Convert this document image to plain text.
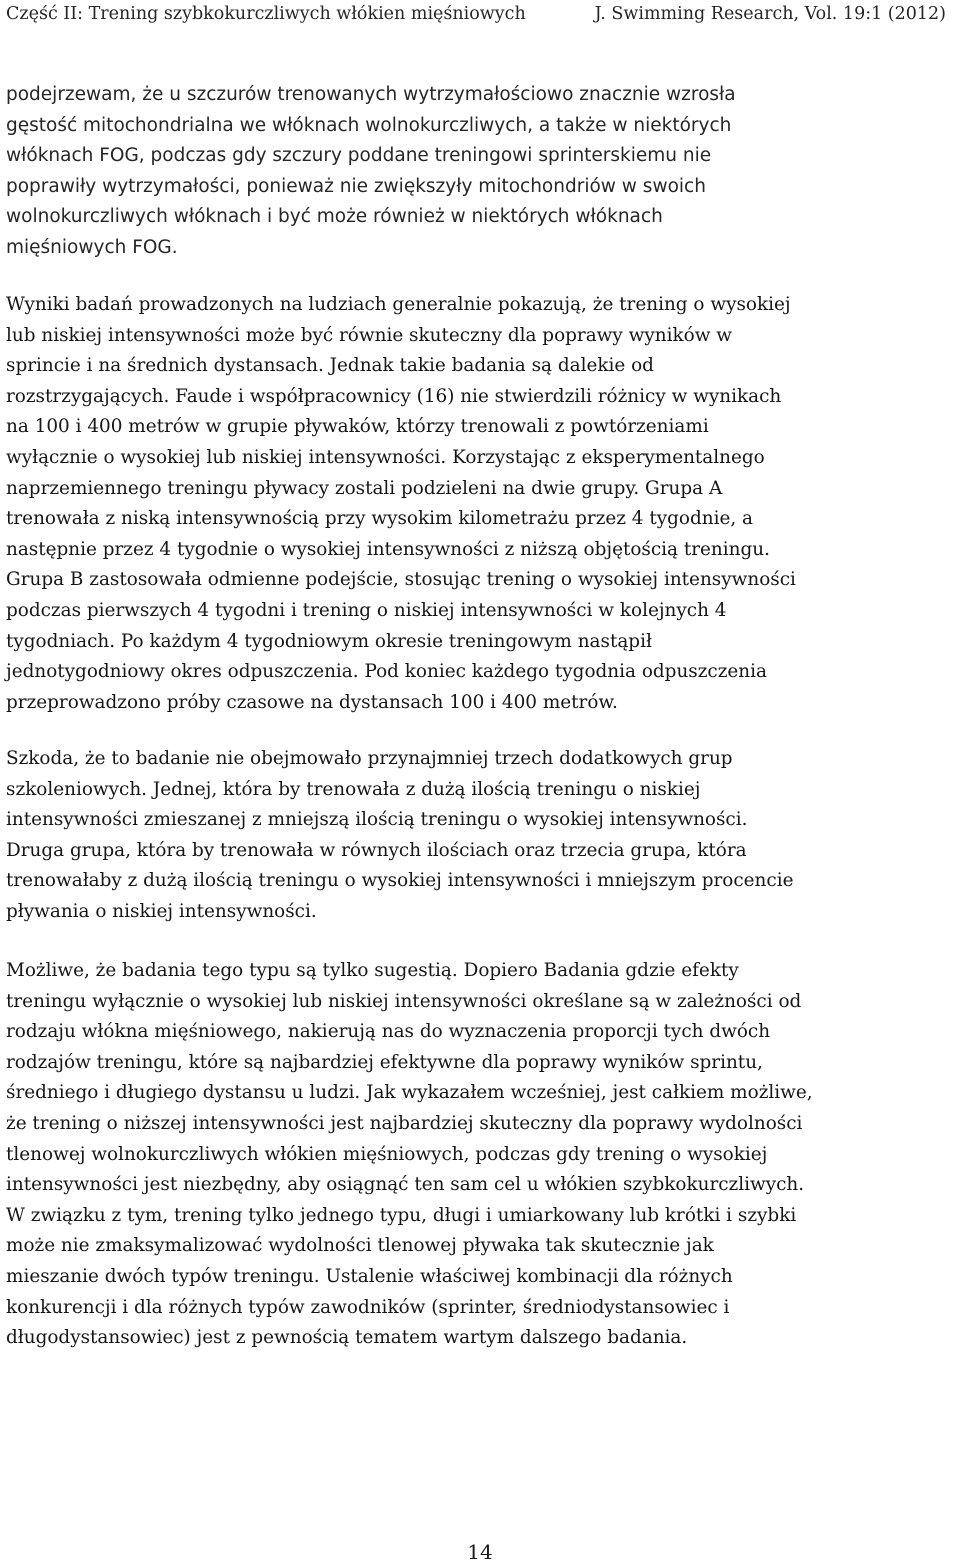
Część II: Trening szybkokurczliwych włókien mięśniowych	J. Swimming Research, Vol. 19:1 (2012)
podejrzewam, że u szczurów trenowanych wytrzymałościowo znacznie wzrosła
gęstość mitochondrialna we włóknach wolnokurczliwych, a także w niektórych
włóknach FOG, podczas gdy szczury poddane treningowi sprinterskiemu nie
poprawiły wytrzymałości, ponieważ nie zwiększyły mitochondriów w swoich
wolnokurczliwych włóknach i być może również w niektórych włóknach
mięśniowych FOG.
Wyniki badań prowadzonych na ludziach generalnie pokazują, że trening o wysokiej
lub niskiej intensywności może być równie skuteczny dla poprawy wyników w
sprincie i na średnich dystansach. Jednak takie badania są dalekie od
rozstrzygających. Faude i współpracownicy (16) nie stwierdzili różnicy w wynikach
na 100 i 400 metrów w grupie pływaków, którzy trenowali z powtórzeniami
wyłącznie o wysokiej lub niskiej intensywności. Korzystając z eksperymentalnego
naprzemiennego treningu pływacy zostali podzieleni na dwie grupy. Grupa A
trenowała z niską intensywnością przy wysokim kilometrażu przez 4 tygodnie, a
następnie przez 4 tygodnie o wysokiej intensywności z niższą objętością treningu.
Grupa B zastosowała odmienne podejście, stosując trening o wysokiej intensywności
podczas pierwszych 4 tygodni i trening o niskiej intensywności w kolejnych 4
tygodniach. Po każdym 4 tygodniowym okresie treningowym nastąpił
jednotygodniowy okres odpuszczenia. Pod koniec każdego tygodnia odpuszczenia
przeprowadzono próby czasowe na dystansach 100 i 400 metrów.
Szkoda, że to badanie nie obejmowało przynajmniej trzech dodatkowych grup
szkoleniowych. Jednej, która by trenowała z dużą ilością treningu o niskiej
intensywności zmieszanej z mniejszą ilością treningu o wysokiej intensywności.
Druga grupa, która by trenowała w równych ilościach oraz trzecia grupa, która
trenowałaby z dużą ilością treningu o wysokiej intensywności i mniejszym procencie
pływania o niskiej intensywności.
Możliwe, że badania tego typu są tylko sugestią. Dopiero Badania gdzie efekty
treningu wyłącznie o wysokiej lub niskiej intensywności określane są w zależności od
rodzaju włókna mięśniowego, nakierują nas do wyznaczenia proporcji tych dwóch
rodzajów treningu, które są najbardziej efektywne dla poprawy wyników sprintu,
średniego i długiego dystansu u ludzi. Jak wykazałem wcześniej, jest całkiem możliwe,
że trening o niższej intensywności jest najbardziej skuteczny dla poprawy wydolności
tlenowej wolnokurczliwych włókien mięśniowych, podczas gdy trening o wysokiej
intensywności jest niezbędny, aby osiągnąć ten sam cel u włókien szybkokurczliwych.
W związku z tym, trening tylko jednego typu, długi i umiarkowany lub krótki i szybki
może nie zmaksymalizować wydolności tlenowej pływaka tak skutecznie jak
mieszanie dwóch typów treningu. Ustalenie właściwej kombinacji dla różnych
konkurencji i dla różnych typów zawodników (sprinter, średniodystansowiec i
długodystansowiec) jest z pewnością tematem wartym dalszego badania.
14
